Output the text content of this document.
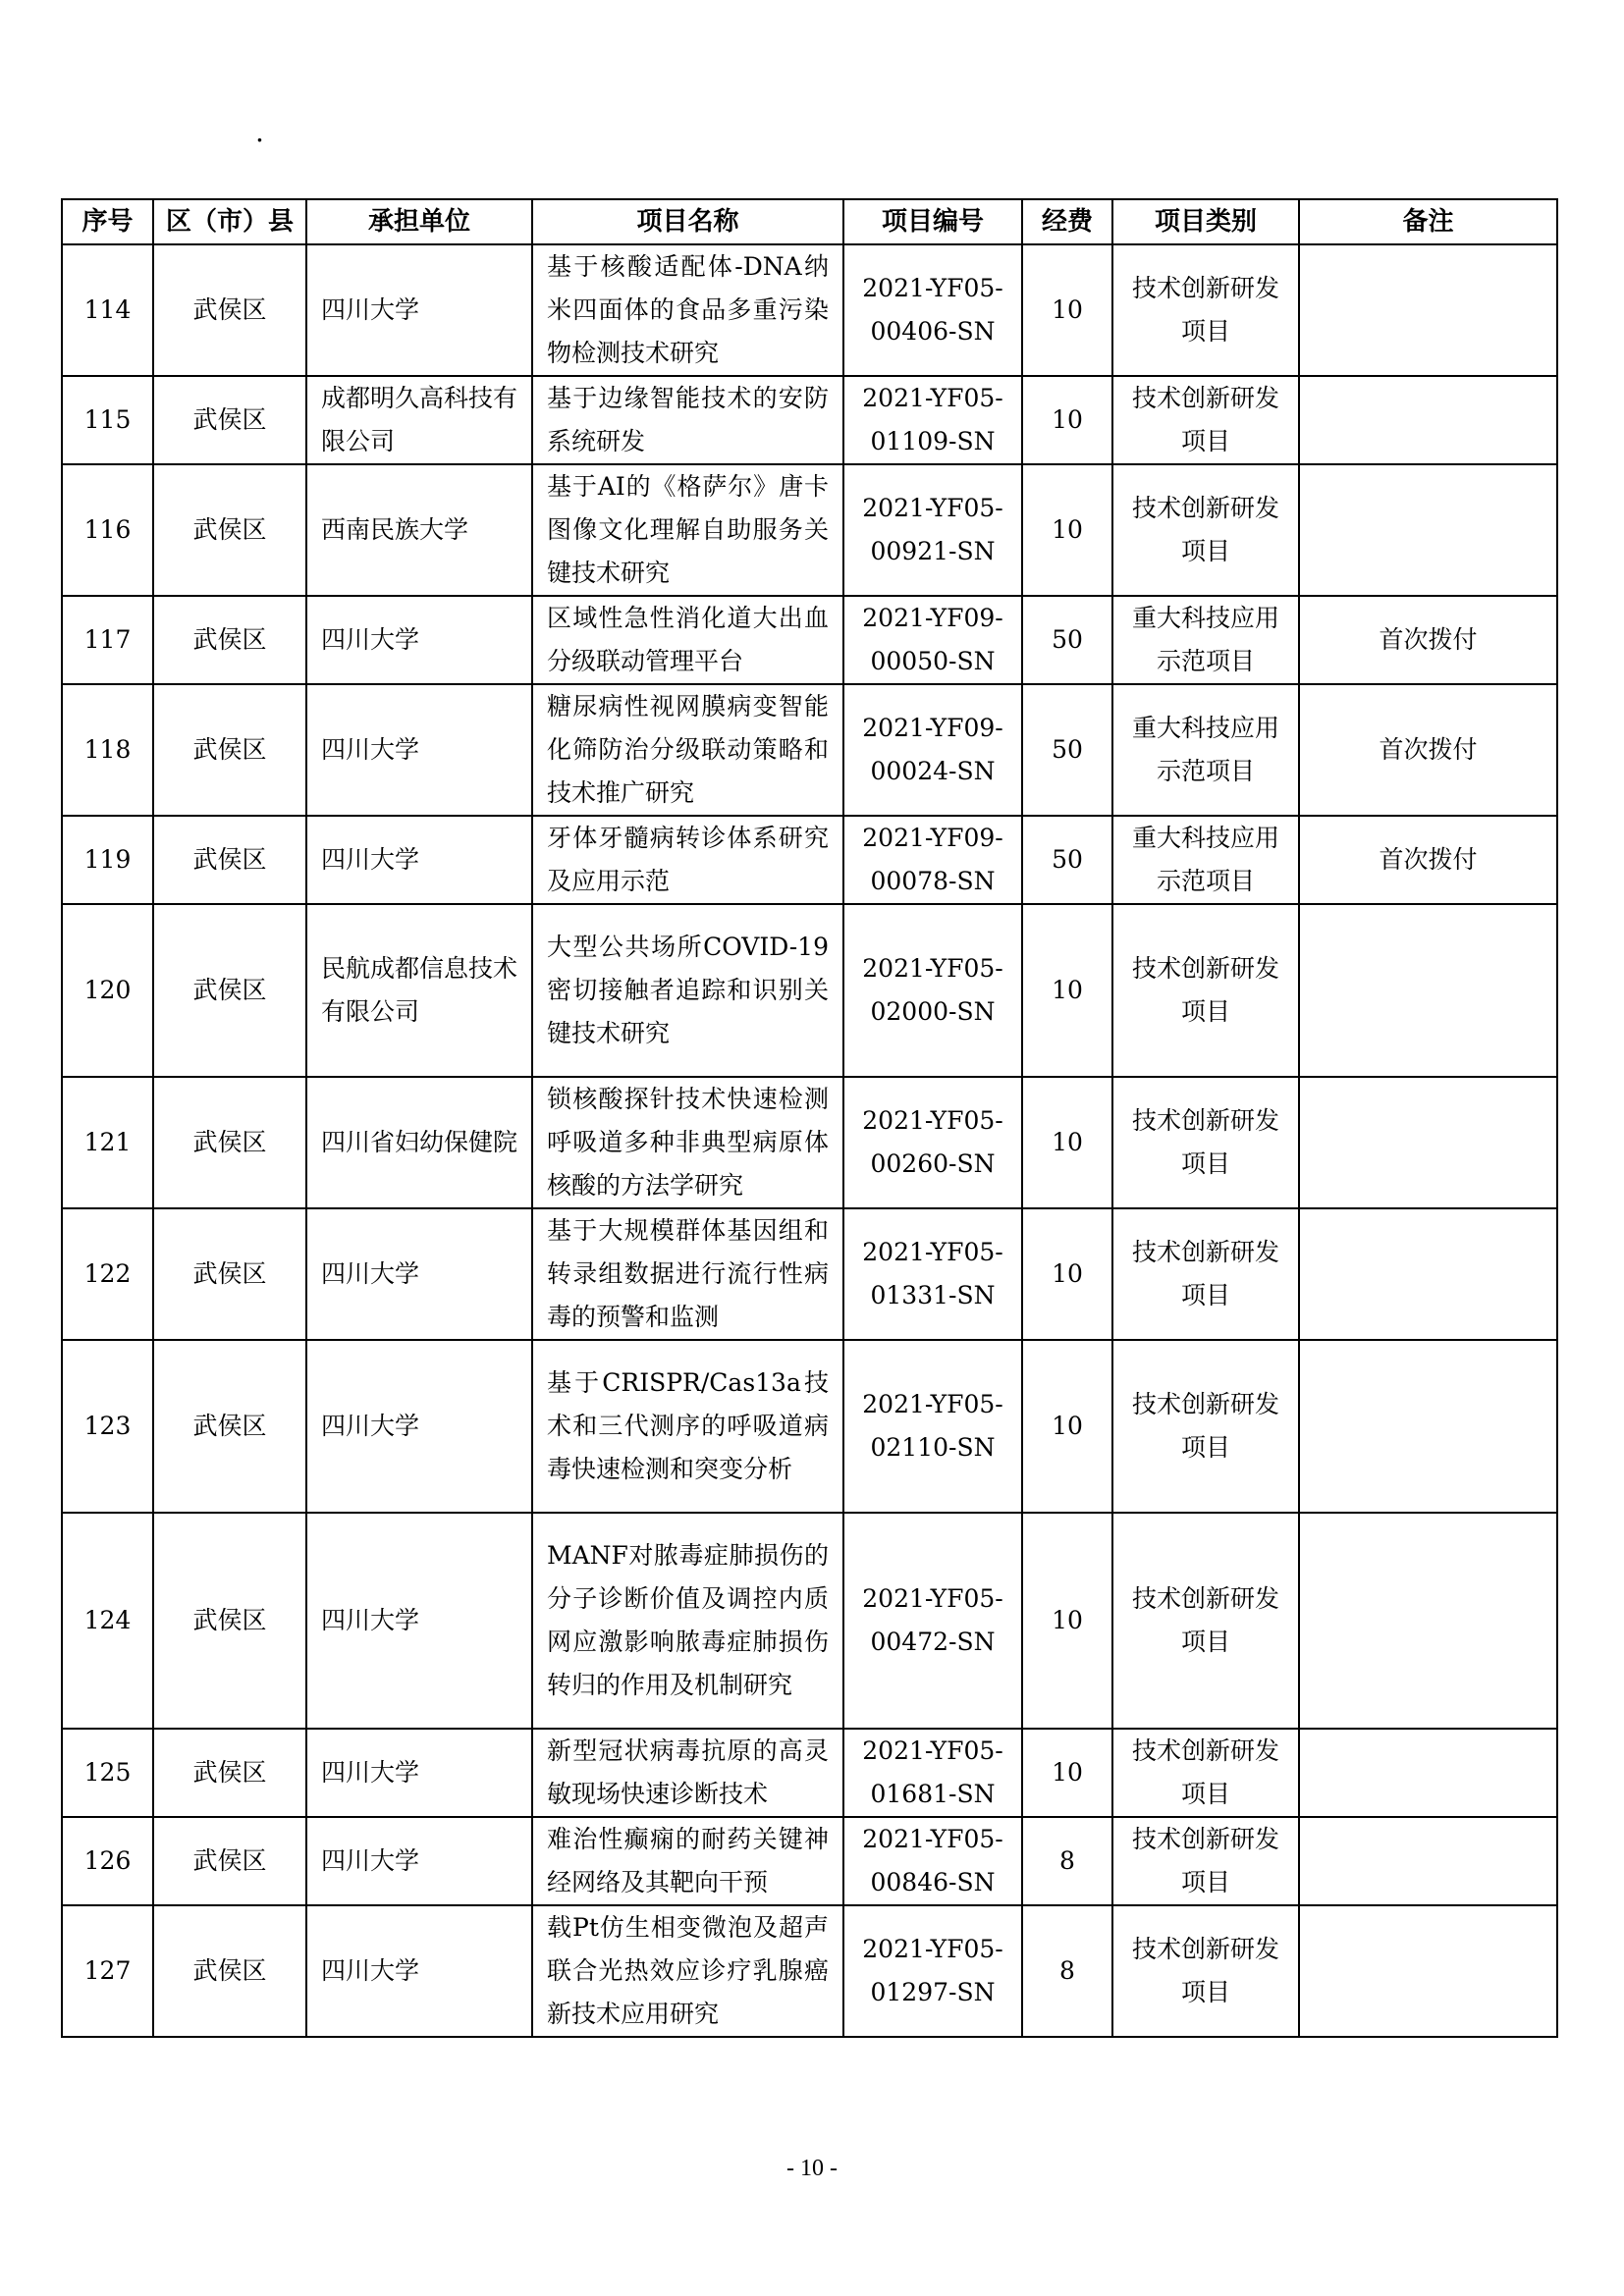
.
序号	区（市）县	承担单位	项目名称	项目编号	经费	项目类别	备注
114	武侯区	四川大学	基于核酸适配体-DNA纳米四面体的食品多重污染物检测技术研究	2021-YF05-00406-SN	10	技术创新研发项目	
115	武侯区	成都明久高科技有限公司	基于边缘智能技术的安防系统研发	2021-YF05-01109-SN	10	技术创新研发项目	
116	武侯区	西南民族大学	基于AI的《格萨尔》唐卡图像文化理解自助服务关键技术研究	2021-YF05-00921-SN	10	技术创新研发项目	
117	武侯区	四川大学	区域性急性消化道大出血分级联动管理平台	2021-YF09-00050-SN	50	重大科技应用示范项目	首次拨付
118	武侯区	四川大学	糖尿病性视网膜病变智能化筛防治分级联动策略和技术推广研究	2021-YF09-00024-SN	50	重大科技应用示范项目	首次拨付
119	武侯区	四川大学	牙体牙髓病转诊体系研究及应用示范	2021-YF09-00078-SN	50	重大科技应用示范项目	首次拨付
120	武侯区	民航成都信息技术有限公司	大型公共场所COVID-19密切接触者追踪和识别关键技术研究	2021-YF05-02000-SN	10	技术创新研发项目	
121	武侯区	四川省妇幼保健院	锁核酸探针技术快速检测呼吸道多种非典型病原体核酸的方法学研究	2021-YF05-00260-SN	10	技术创新研发项目	
122	武侯区	四川大学	基于大规模群体基因组和转录组数据进行流行性病毒的预警和监测	2021-YF05-01331-SN	10	技术创新研发项目	
123	武侯区	四川大学	基于CRISPR/Cas13a技术和三代测序的呼吸道病毒快速检测和突变分析	2021-YF05-02110-SN	10	技术创新研发项目	
124	武侯区	四川大学	MANF对脓毒症肺损伤的分子诊断价值及调控内质网应激影响脓毒症肺损伤转归的作用及机制研究	2021-YF05-00472-SN	10	技术创新研发项目	
125	武侯区	四川大学	新型冠状病毒抗原的高灵敏现场快速诊断技术	2021-YF05-01681-SN	10	技术创新研发项目	
126	武侯区	四川大学	难治性癫痫的耐药关键神经网络及其靶向干预	2021-YF05-00846-SN	8	技术创新研发项目	
127	武侯区	四川大学	载Pt仿生相变微泡及超声联合光热效应诊疗乳腺癌新技术应用研究	2021-YF05-01297-SN	8	技术创新研发项目	
- 10 -
